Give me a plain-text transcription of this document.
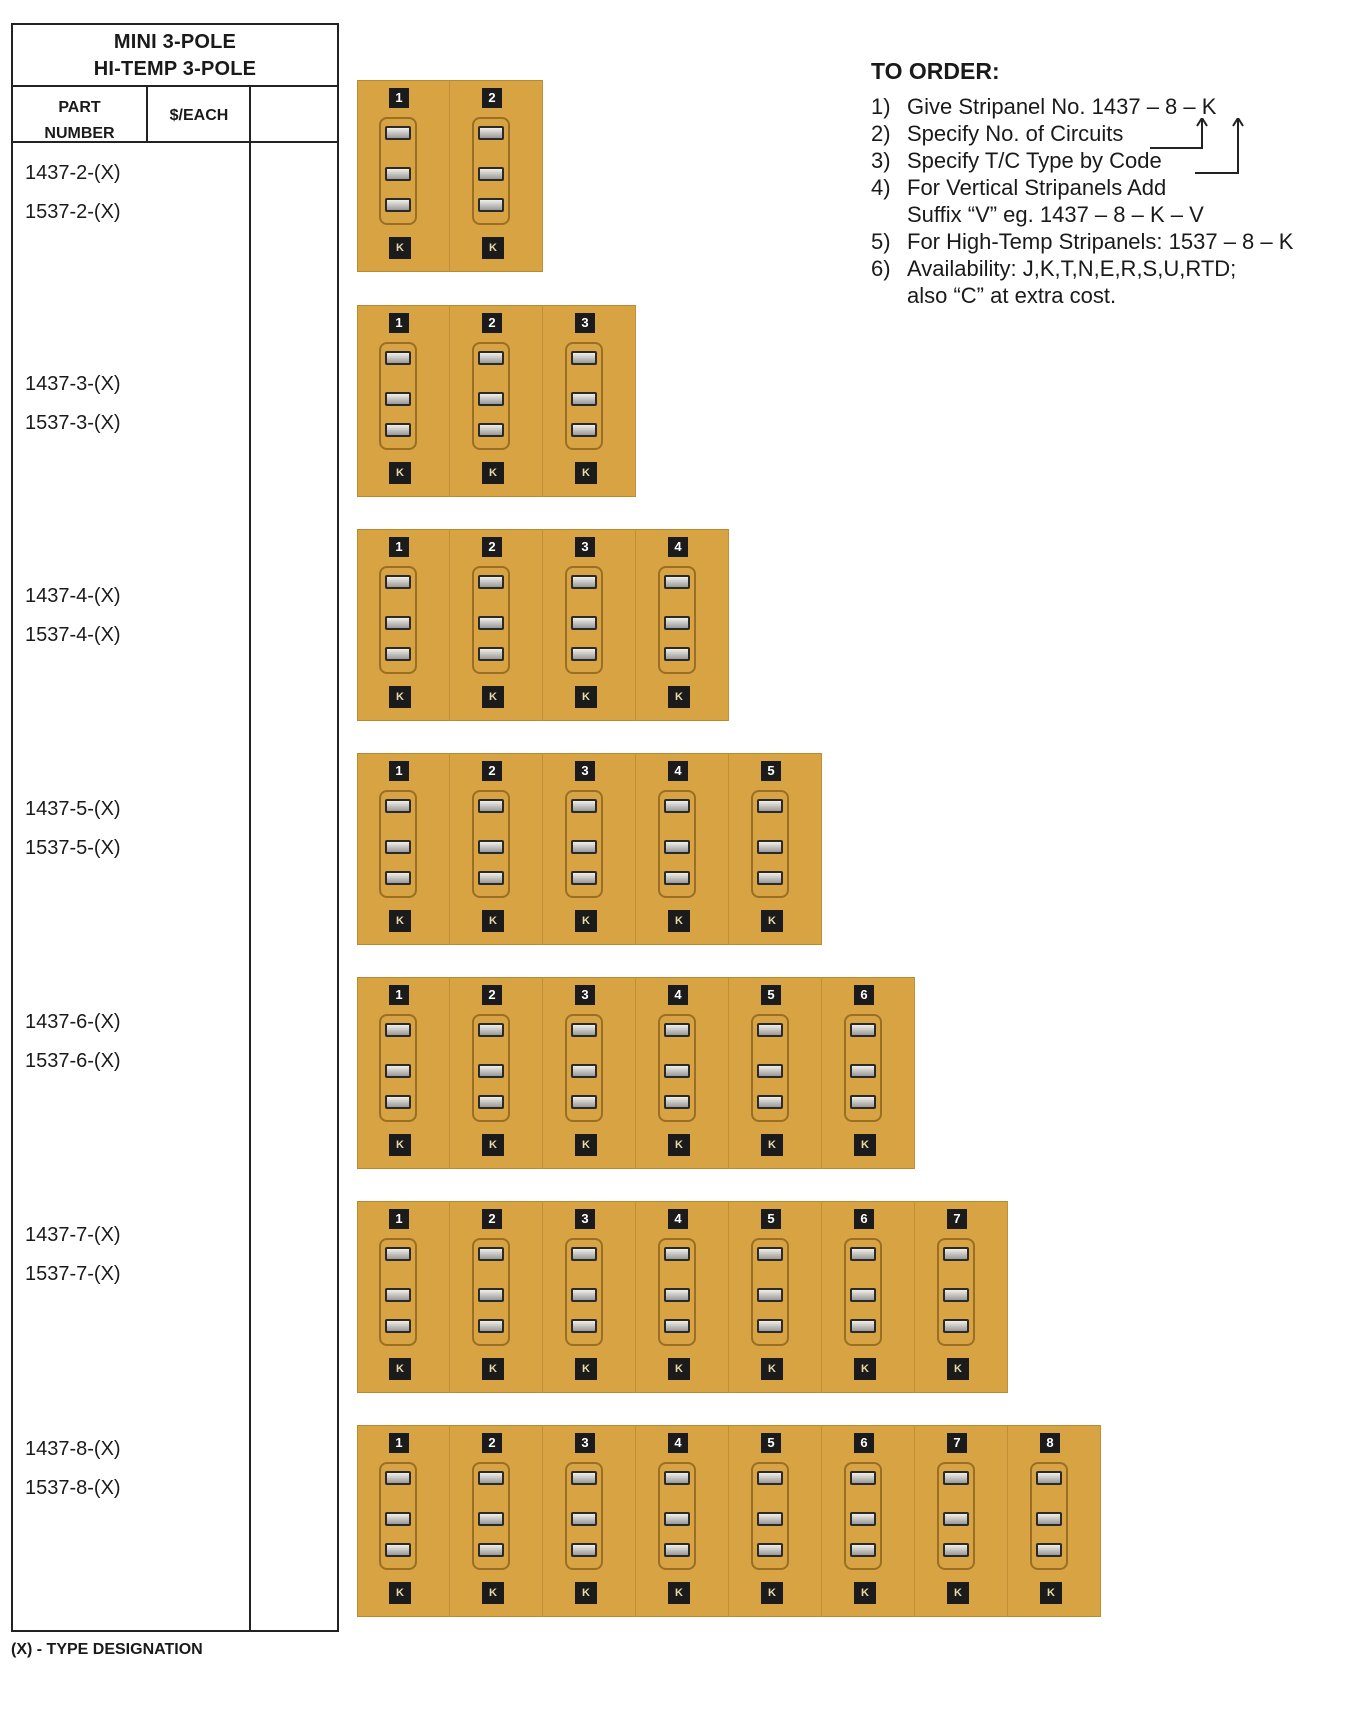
MINI 3-POLE
HI-TEMP 3-POLE
PART
NUMBER
$/EACH
1437-2-(X)
1537-2-(X)
1437-3-(X)
1537-3-(X)
1437-4-(X)
1537-4-(X)
1437-5-(X)
1537-5-(X)
1437-6-(X)
1537-6-(X)
1437-7-(X)
1537-7-(X)
1437-8-(X)
1537-8-(X)
(X) - TYPE DESIGNATION
1
K
2
K
1
K
2
K
3
K
1
K
2
K
3
K
4
K
1
K
2
K
3
K
4
K
5
K
1
K
2
K
3
K
4
K
5
K
6
K
1
K
2
K
3
K
4
K
5
K
6
K
7
K
1
K
2
K
3
K
4
K
5
K
6
K
7
K
8
K
TO ORDER:
1) Give Stripanel No. 1437 – 8 – K
2) Specify No. of Circuits
3) Specify T/C Type by Code
4) For Vertical Stripanels Add
Suffix “V” eg. 1437 – 8 – K – V
5) For High-Temp Stripanels: 1537 – 8 – K
6) Availability: J,K,T,N,E,R,S,U,RTD;
also “C” at extra cost.
